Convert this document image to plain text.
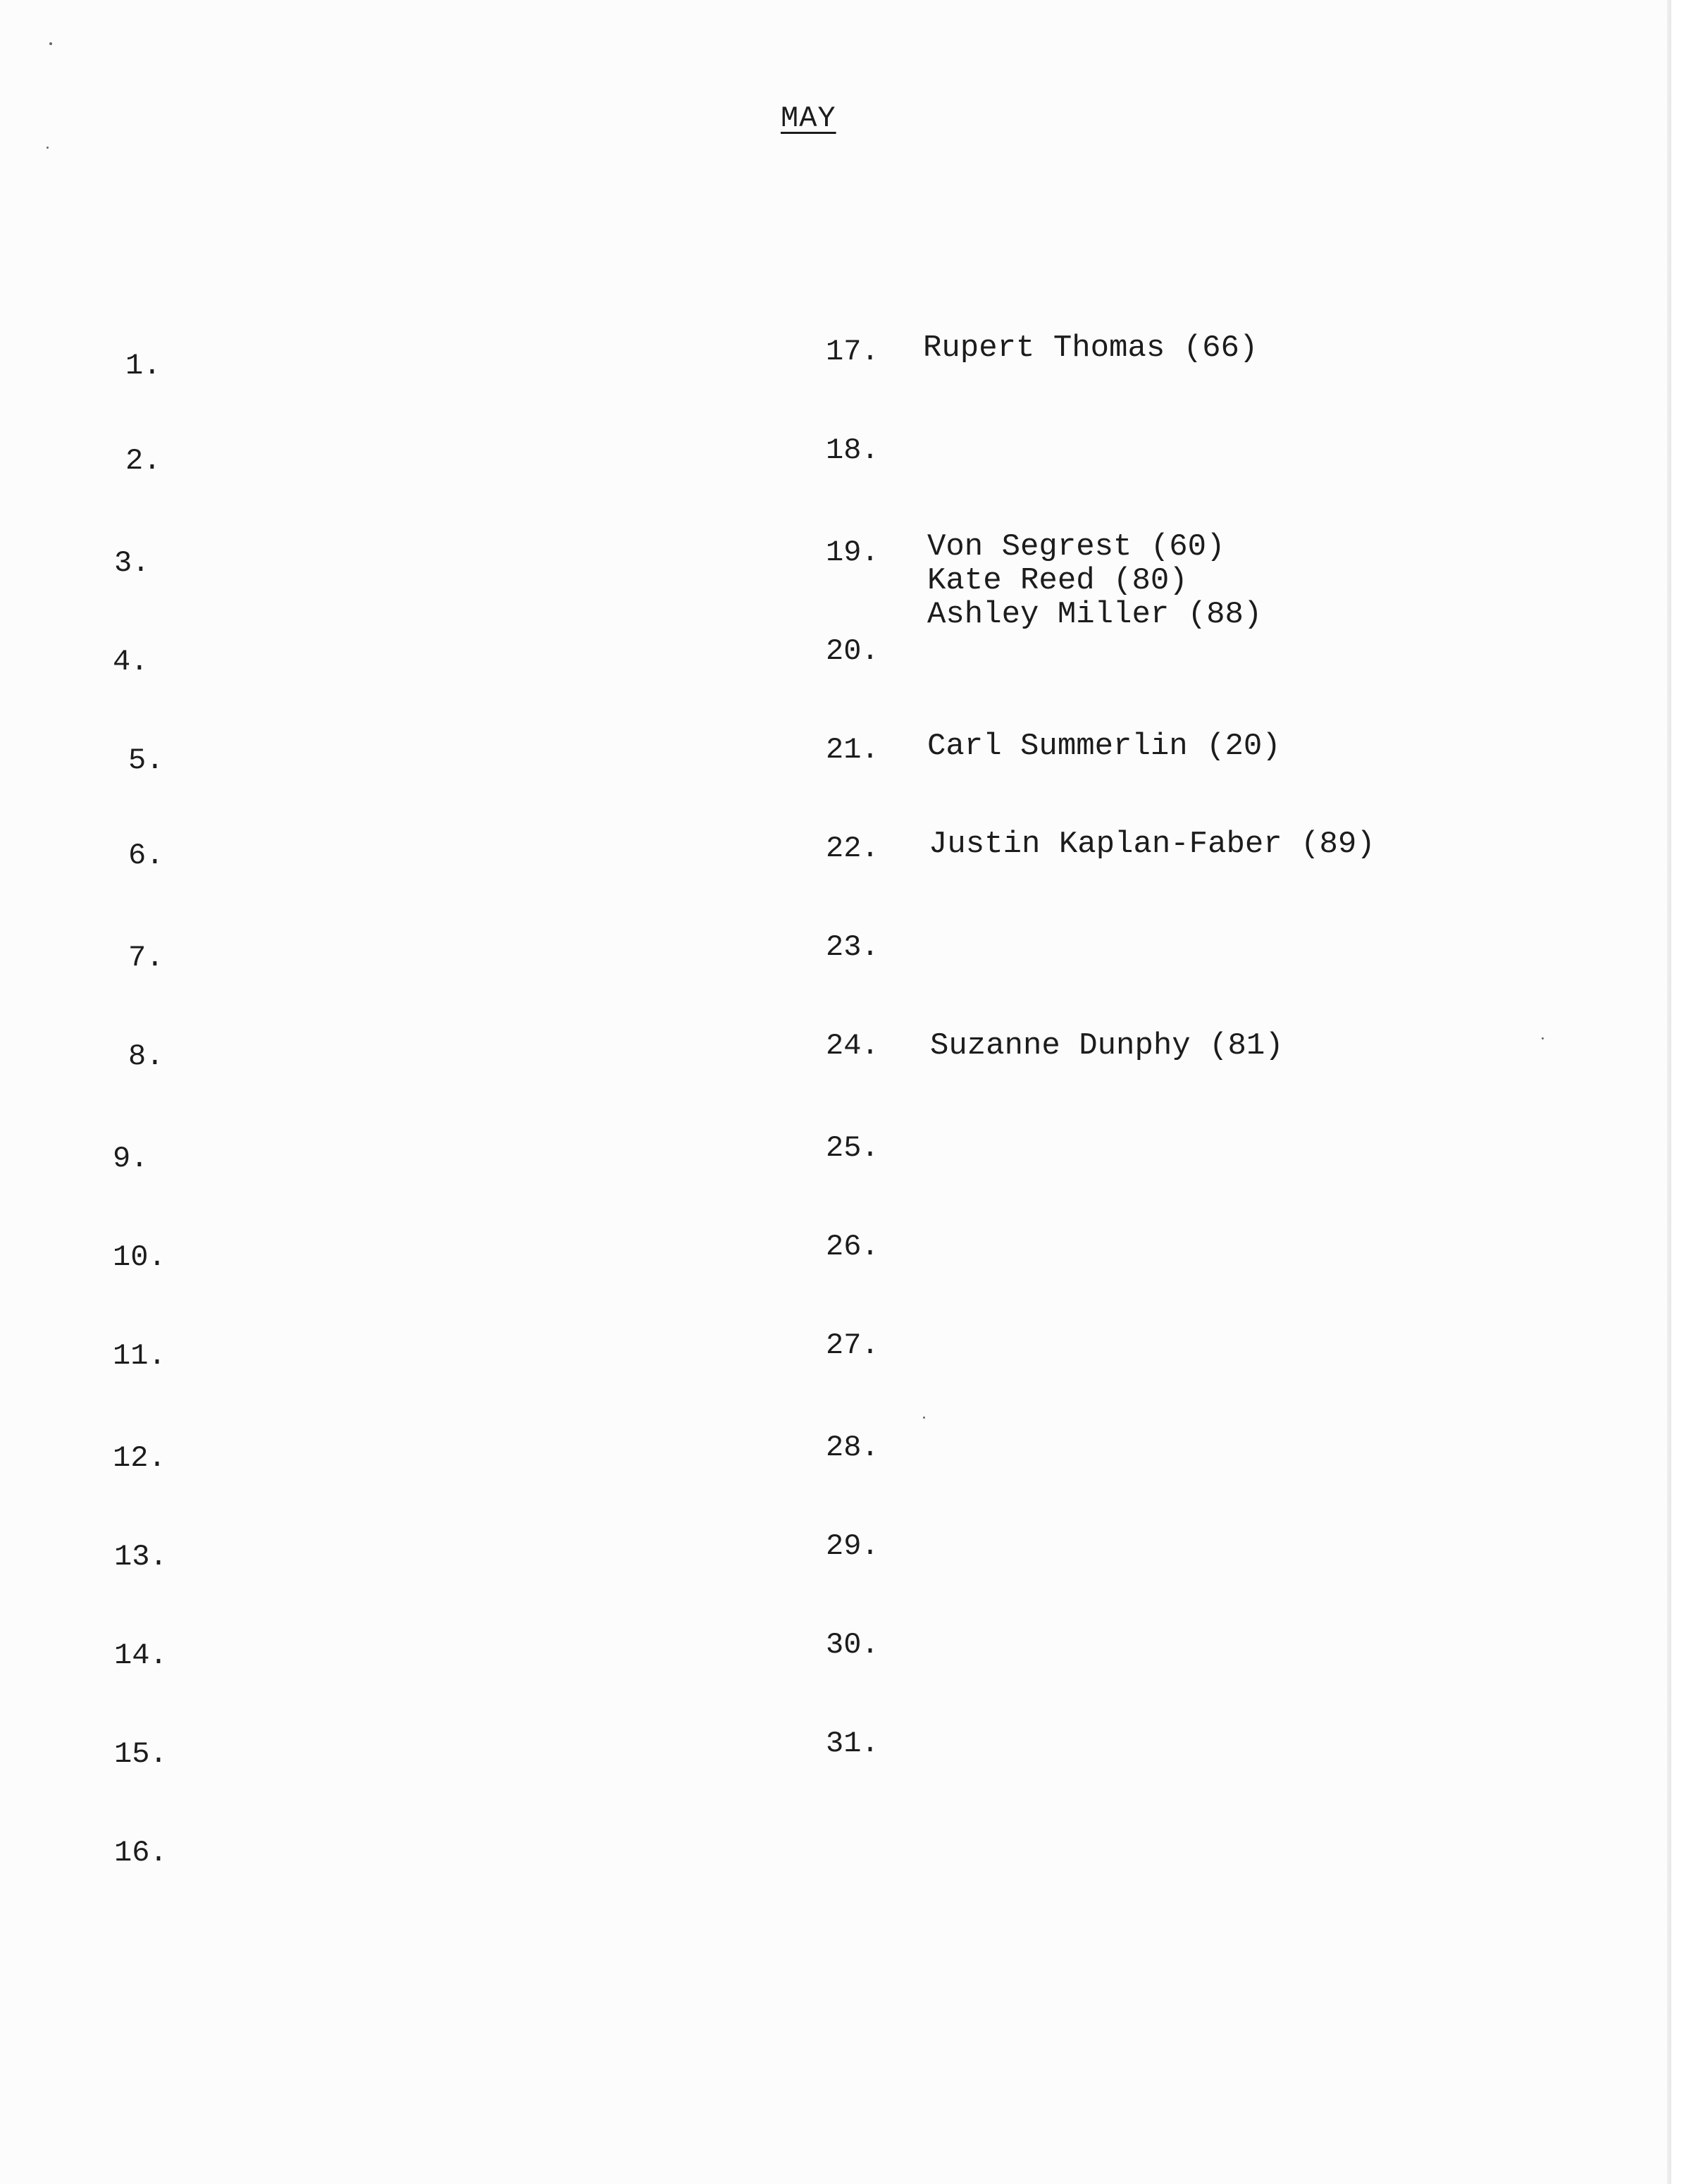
MAY
1.
2.
3.
4.
5.
6.
7.
8.
9.
10.
11.
12.
13.
14.
15.
16.
17. Rupert Thomas (66)
18.
19. Von Segrest (60)
Kate Reed (80)
Ashley Miller (88)
20.
21. Carl Summerlin (20)
22. Justin Kaplan-Faber (89)
23.
24. Suzanne Dunphy (81)
25.
26.
27.
28.
29.
30.
31.
